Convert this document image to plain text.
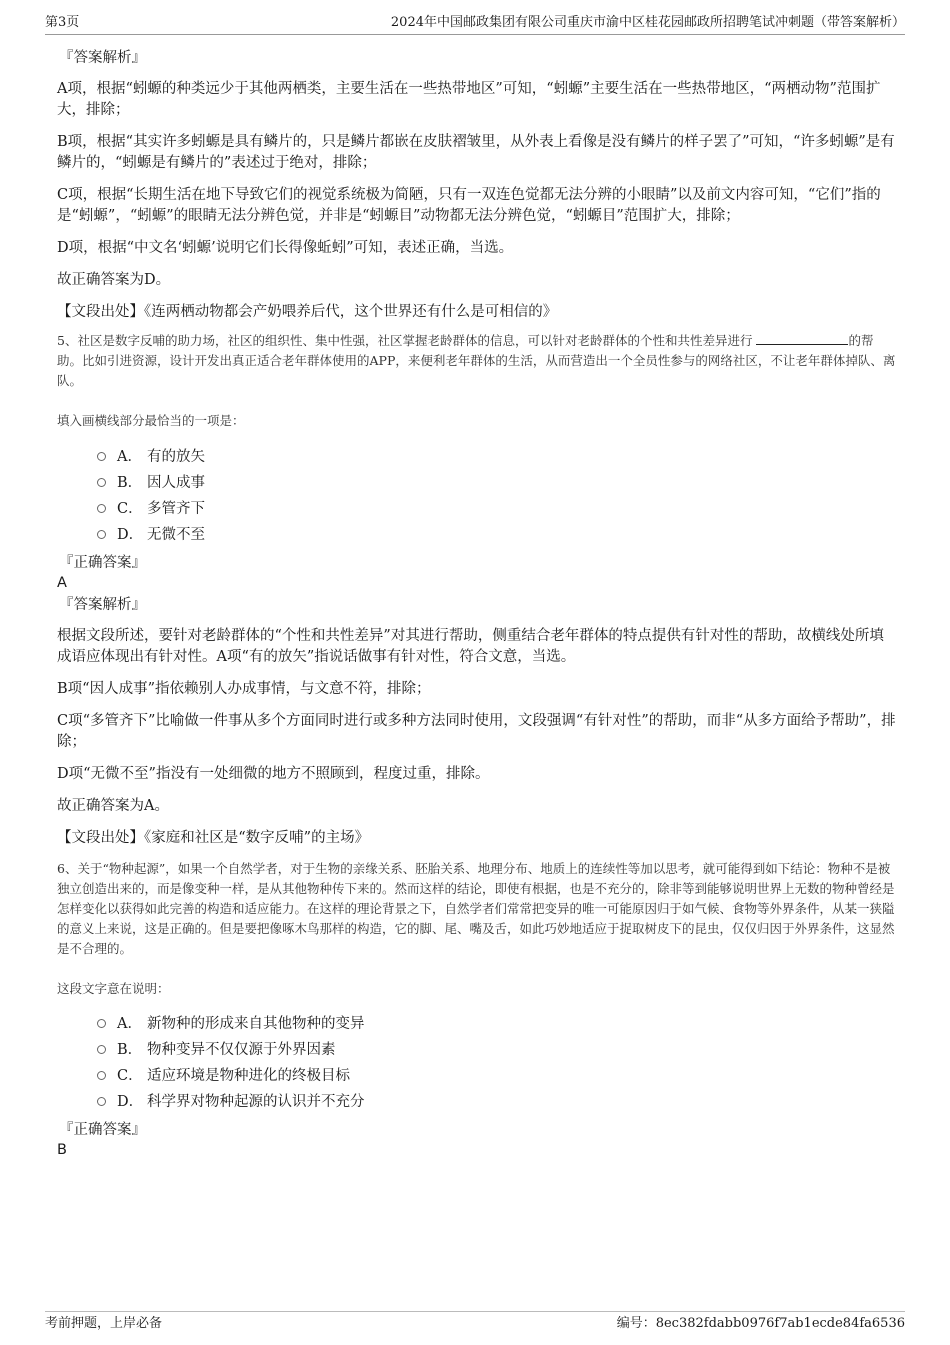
第3页	2024年中国邮政集团有限公司重庆市渝中区桂花园邮政所招聘笔试冲刺题（带答案解析）
『答案解析』

A项，根据“蚓螈的种类远少于其他两栖类，主要生活在一些热带地区”可知，“蚓螈”主要生活在一些热带地区，“两栖动物”范围扩大，排除；

B项，根据“其实许多蚓螈是具有鳞片的，只是鳞片都嵌在皮肤褶皱里，从外表上看像是没有鳞片的样子罢了”可知，“许多蚓螈”是有鳞片的，“蚓螈是有鳞片的”表述过于绝对，排除；

C项，根据“长期生活在地下导致它们的视觉系统极为简陋，只有一双连色觉都无法分辨的小眼睛”以及前文内容可知，“它们”指的是“蚓螈”，“蚓螈”的眼睛无法分辨色觉，并非是“蚓螈目”动物都无法分辨色觉，“蚓螈目”范围扩大，排除；

D项，根据“中文名‘蚓螈’说明它们长得像蚯蚓”可知，表述正确，当选。

故正确答案为D。

【文段出处】《连两栖动物都会产奶喂养后代，这个世界还有什么是可相信的》

5、社区是数字反哺的助力场，社区的组织性、集中性强，社区掌握老龄群体的信息，可以针对老龄群体的个性和共性差异进行	的帮助。比如引进资源，设计开发出真正适合老年群体使用的APP，来便利老年群体的生活，从而营造出一个全员性参与的网络社区，不让老年群体掉队、离队。

填入画横线部分最恰当的一项是：

A． 有的放矢
B． 因人成事
C． 多管齐下
D． 无微不至
『正确答案』

A

『答案解析』

根据文段所述，要针对老龄群体的“个性和共性差异”对其进行帮助，侧重结合老年群体的特点提供有针对性的帮助，故横线处所填成语应体现出有针对性。A项“有的放矢”指说话做事有针对性，符合文意，当选。

B项“因人成事”指依赖别人办成事情，与文意不符，排除；

C项“多管齐下”比喻做一件事从多个方面同时进行或多种方法同时使用，文段强调“有针对性”的帮助，而非“从多方面给予帮助”，排除；

D项“无微不至”指没有一处细微的地方不照顾到，程度过重，排除。

故正确答案为A。

【文段出处】《家庭和社区是“数字反哺”的主场》

6、关于“物种起源”，如果一个自然学者，对于生物的亲缘关系、胚胎关系、地理分布、地质上的连续性等加以思考，就可能得到如下结论：物种不是被独立创造出来的，而是像变种一样，是从其他物种传下来的。然而这样的结论，即使有根据，也是不充分的，除非等到能够说明世界上无数的物种曾经是怎样变化以获得如此完善的构造和适应能力。在这样的理论背景之下，自然学者们常常把变异的唯一可能原因归于如气候、食物等外界条件，从某一狭隘的意义上来说，这是正确的。但是要把像啄木鸟那样的构造，它的脚、尾、嘴及舌，如此巧妙地适应于捉取树皮下的昆虫，仅仅归因于外界条件，这显然是不合理的。

这段文字意在说明：

A． 新物种的形成来自其他物种的变异
B． 物种变异不仅仅源于外界因素
C． 适应环境是物种进化的终极目标
D． 科学界对物种起源的认识并不充分
『正确答案』

B

考前押题，上岸必备	编号：8ec382fdabb0976f7ab1ecde84fa6536
